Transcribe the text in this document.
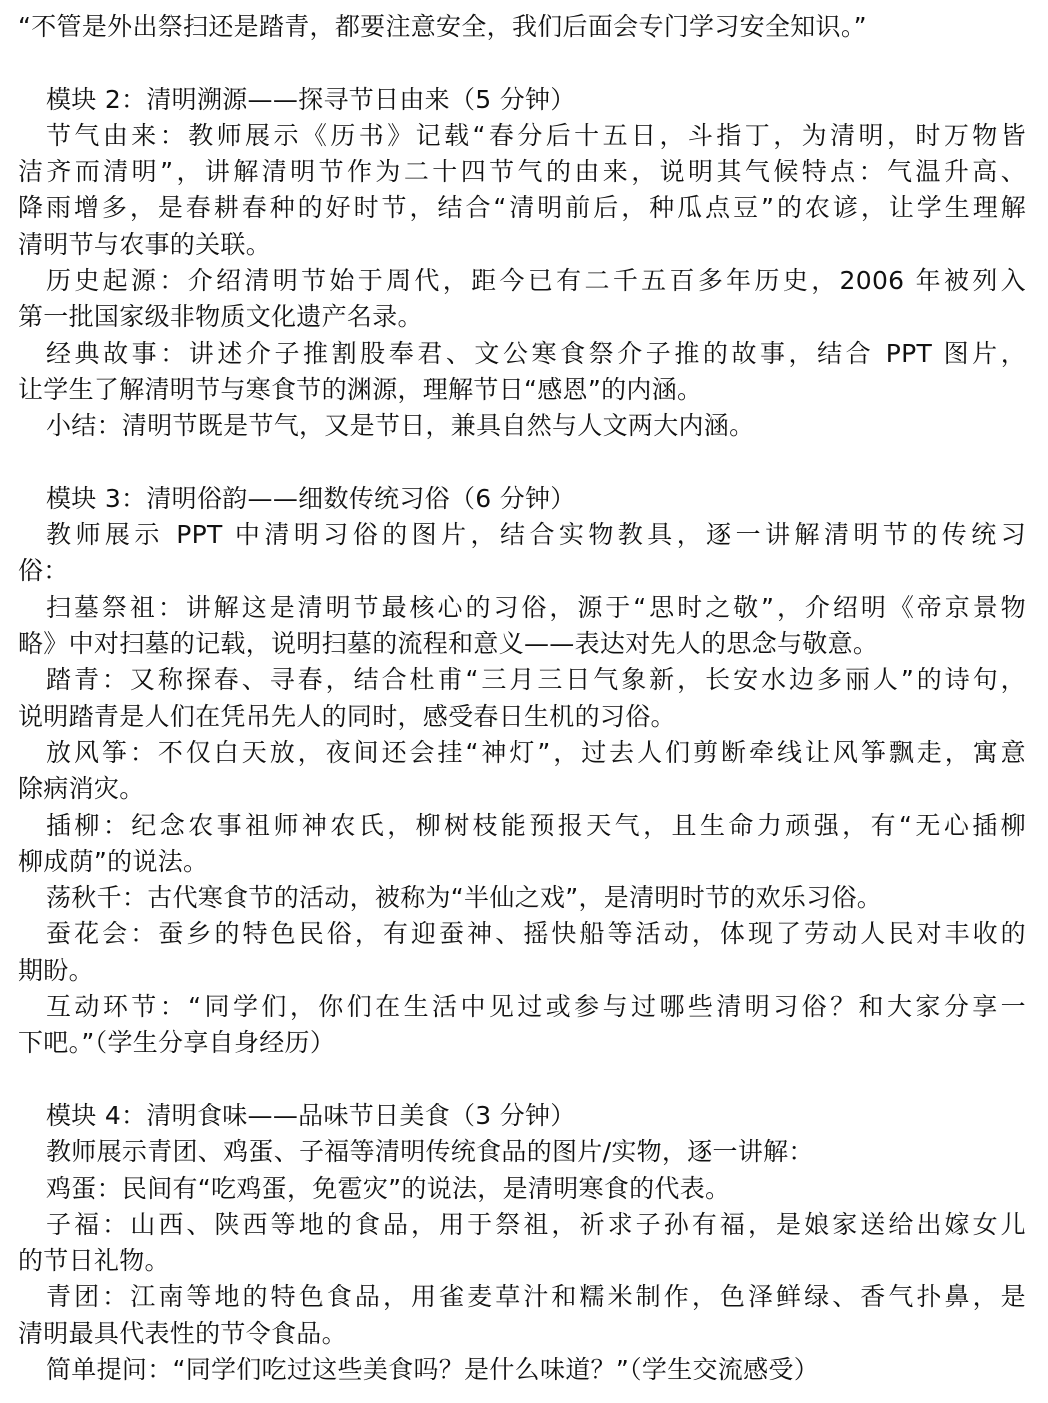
“不管是外出祭扫还是踏青，都要注意安全，我们后面会专门学习安全知识。”
模块 2：清明溯源——探寻节日由来（5 分钟）
节气由来：教师展示《历书》记载“春分后十五日，斗指丁，为清明，时万物皆
洁齐而清明”，讲解清明节作为二十四节气的由来，说明其气候特点：气温升高、
降雨增多，是春耕春种的好时节，结合“清明前后，种瓜点豆”的农谚，让学生理解
清明节与农事的关联。
历史起源：介绍清明节始于周代，距今已有二千五百多年历史，2006 年被列入
第一批国家级非物质文化遗产名录。
经典故事：讲述介子推割股奉君、文公寒食祭介子推的故事，结合 PPT 图片，
让学生了解清明节与寒食节的渊源，理解节日“感恩”的内涵。
小结：清明节既是节气，又是节日，兼具自然与人文两大内涵。
模块 3：清明俗韵——细数传统习俗（6 分钟）
教师展示 PPT 中清明习俗的图片，结合实物教具，逐一讲解清明节的传统习
俗：
扫墓祭祖：讲解这是清明节最核心的习俗，源于“思时之敬”，介绍明《帝京景物
略》中对扫墓的记载，说明扫墓的流程和意义——表达对先人的思念与敬意。
踏青：又称探春、寻春，结合杜甫“三月三日气象新，长安水边多丽人”的诗句，
说明踏青是人们在凭吊先人的同时，感受春日生机的习俗。
放风筝：不仅白天放，夜间还会挂“神灯”，过去人们剪断牵线让风筝飘走，寓意
除病消灾。
插柳：纪念农事祖师神农氏，柳树枝能预报天气，且生命力顽强，有“无心插柳
柳成荫”的说法。
荡秋千：古代寒食节的活动，被称为“半仙之戏”，是清明时节的欢乐习俗。
蚕花会：蚕乡的特色民俗，有迎蚕神、摇快船等活动，体现了劳动人民对丰收的
期盼。
互动环节：“同学们，你们在生活中见过或参与过哪些清明习俗？和大家分享一
下吧。”（学生分享自身经历）
模块 4：清明食味——品味节日美食（3 分钟）
教师展示青团、鸡蛋、子福等清明传统食品的图片/实物，逐一讲解：
鸡蛋：民间有“吃鸡蛋，免雹灾”的说法，是清明寒食的代表。
子福：山西、陕西等地的食品，用于祭祖，祈求子孙有福，是娘家送给出嫁女儿
的节日礼物。
青团：江南等地的特色食品，用雀麦草汁和糯米制作，色泽鲜绿、香气扑鼻，是
清明最具代表性的节令食品。
简单提问：“同学们吃过这些美食吗？是什么味道？”（学生交流感受）
